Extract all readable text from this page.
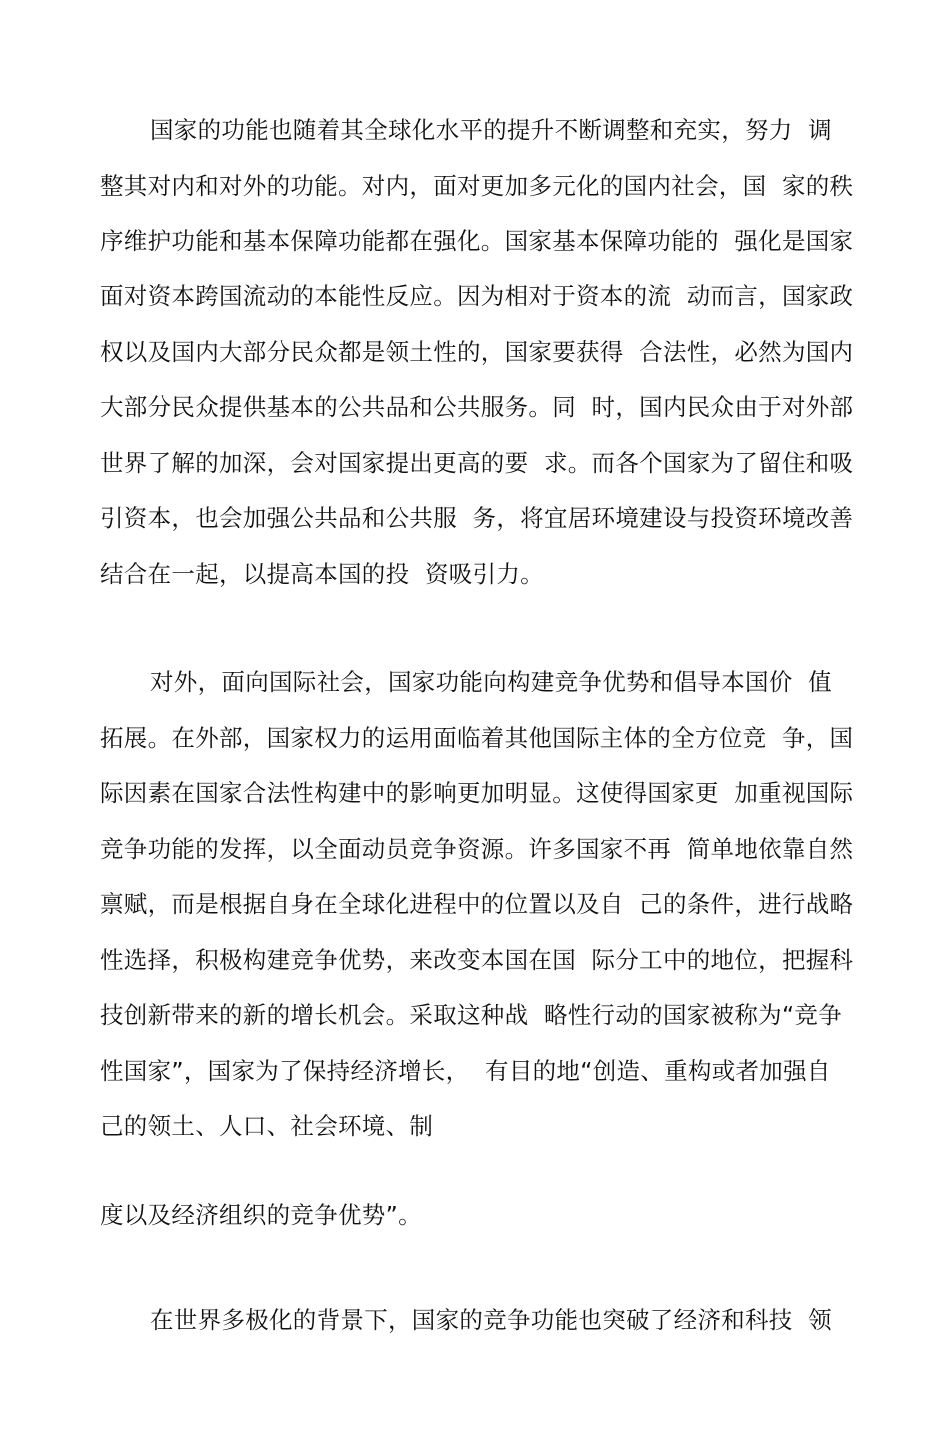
国家的功能也随着其全球化水平的提升不断调整和充实，努力  调
整其对内和对外的功能。对内，面对更加多元化的国内社会，国  家的秩
序维护功能和基本保障功能都在强化。国家基本保障功能的  强化是国家
面对资本跨国流动的本能性反应。因为相对于资本的流  动而言，国家政
权以及国内大部分民众都是领土性的，国家要获得  合法性，必然为国内
大部分民众提供基本的公共品和公共服务。同  时，国内民众由于对外部
世界了解的加深，会对国家提出更高的要  求。而各个国家为了留住和吸
引资本，也会加强公共品和公共服  务，将宜居环境建设与投资环境改善
结合在一起，以提高本国的投  资吸引力。
对外，面向国际社会，国家功能向构建竞争优势和倡导本国价  值
拓展。在外部，国家权力的运用面临着其他国际主体的全方位竞  争，国
际因素在国家合法性构建中的影响更加明显。这使得国家更  加重视国际
竞争功能的发挥，以全面动员竞争资源。许多国家不再  简单地依靠自然
禀赋，而是根据自身在全球化进程中的位置以及自  己的条件，进行战略
性选择，积极构建竞争优势，来改变本国在国  际分工中的地位，把握科
技创新带来的新的增长机会。采取这种战  略性行动的国家被称为“竞争
性国家”，国家为了保持经济增长，  有目的地“创造、重构或者加强自
己的领土、人口、社会环境、制
度以及经济组织的竞争优势”。
在世界多极化的背景下，国家的竞争功能也突破了经济和科技  领
